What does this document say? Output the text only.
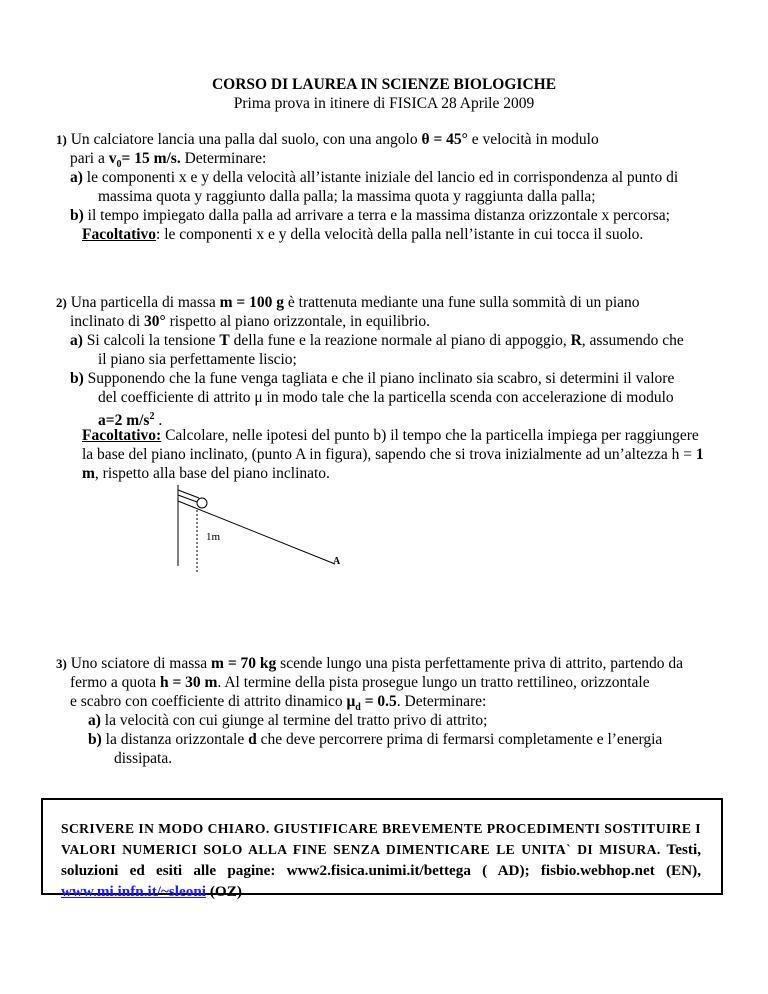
CORSO DI LAUREA IN SCIENZE BIOLOGICHE
Prima prova in itinere di FISICA 28 Aprile 2009
1) Un calciatore lancia una palla dal suolo, con una angolo θ = 45° e velocità in modulo
pari a $v_0= 15$ m/s. Determinare:
a) le componenti x e y della velocità all’istante iniziale del lancio ed in corrispondenza al punto di
massima quota y raggiunto dalla palla; la massima quota y raggiunta dalla palla;
b) il tempo impiegato dalla palla ad arrivare a terra e la massima distanza orizzontale x percorsa;
Facoltativo: le componenti x e y della velocità della palla nell’istante in cui tocca il suolo.
2) Una particella di massa m = 100 g è trattenuta mediante una fune sulla sommità di un piano
inclinato di 30° rispetto al piano orizzontale, in equilibrio.
a) Si calcoli la tensione T della fune e la reazione normale al piano di appoggio, R, assumendo che
il piano sia perfettamente liscio;
b) Supponendo che la fune venga tagliata e che il piano inclinato sia scabro, si determini il valore
del coefficiente di attrito μ in modo tale che la particella scenda con accelerazione di modulo
a=2 $m/s^2$ .
Facoltativo: Calcolare, nelle ipotesi del punto b) il tempo che la particella impiega per raggiungere
la base del piano inclinato, (punto A in figura), sapendo che si trova inizialmente ad un’altezza h = 1
m, rispetto alla base del piano inclinato.
1m
A
3) Uno sciatore di massa m = 70 kg scende lungo una pista perfettamente priva di attrito, partendo da
fermo a quota h = 30 m. Al termine della pista prosegue lungo un tratto rettilineo, orizzontale
e scabro con coefficiente di attrito dinamico $\mu_d = 0.5$. Determinare:
a) la velocità con cui giunge al termine del tratto privo di attrito;
b) la distanza orizzontale d che deve percorrere prima di fermarsi completamente e l’energia
dissipata.
SCRIVERE IN MODO CHIARO. GIUSTIFICARE BREVEMENTE PROCEDIMENTI SOSTITUIRE I VALORI NUMERICI SOLO ALLA FINE SENZA DIMENTICARE LE UNITA` DI MISURA. Testi, soluzioni ed esiti alle pagine: www2.fisica.unimi.it/bettega ( AD); fisbio.webhop.net (EN), www.mi.infn.it/~sleoni (OZ)
